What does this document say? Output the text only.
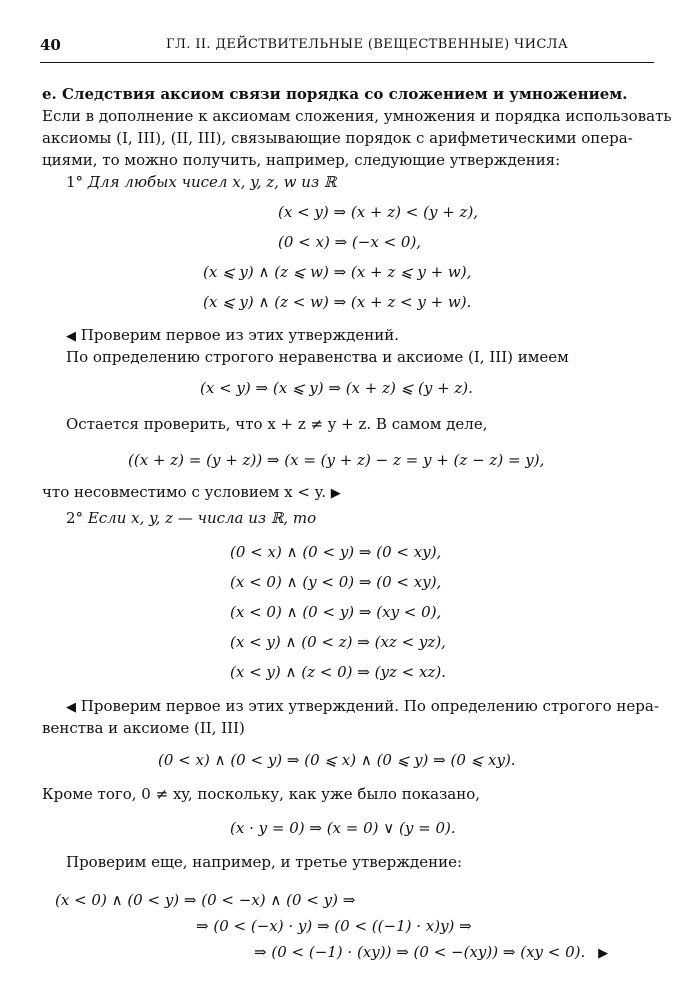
40	ГЛ. II. ДЕЙСТВИТЕЛЬНЫЕ (ВЕЩЕСТВЕННЫЕ) ЧИСЛА
е. Следствия аксиом связи порядка со сложением и умножением.
Если в дополнение к аксиомам сложения, умножения и порядка использовать
аксиомы (I, III), (II, III), связывающие порядок с арифметическими опера-
циями, то можно получить, например, следующие утверждения:
1° Для любых чисел x, y, z, w из ℝ
(x < y) ⇒ (x + z) < (y + z),
(0 < x) ⇒ (−x < 0),
(x ⩽ y) ∧ (z ⩽ w) ⇒ (x + z ⩽ y + w),
(x ⩽ y) ∧ (z < w) ⇒ (x + z < y + w).
◀ Проверим первое из этих утверждений.
По определению строгого неравенства и аксиоме (I, III) имеем
(x < y) ⇒ (x ⩽ y) ⇒ (x + z) ⩽ (y + z).
Остается проверить, что x + z ≠ y + z. В самом деле,
((x + z) = (y + z)) ⇒ (x = (y + z) − z = y + (z − z) = y),
что несовместимо с условием x < y. ▶
2° Если x, y, z — числа из ℝ, то
(0 < x) ∧ (0 < y) ⇒ (0 < xy),
(x < 0) ∧ (y < 0) ⇒ (0 < xy),
(x < 0) ∧ (0 < y) ⇒ (xy < 0),
(x < y) ∧ (0 < z) ⇒ (xz < yz),
(x < y) ∧ (z < 0) ⇒ (yz < xz).
◀ Проверим первое из этих утверждений. По определению строгого нера-
венства и аксиоме (II, III)
(0 < x) ∧ (0 < y) ⇒ (0 ⩽ x) ∧ (0 ⩽ y) ⇒ (0 ⩽ xy).
Кроме того, 0 ≠ xy, поскольку, как уже было показано,
(x · y = 0) ⇒ (x = 0) ∨ (y = 0).
Проверим еще, например, и третье утверждение:
(x < 0) ∧ (0 < y) ⇒ (0 < −x) ∧ (0 < y) ⇒
⇒ (0 < (−x) · y) ⇒ (0 < ((−1) · x)y) ⇒
⇒ (0 < (−1) · (xy)) ⇒ (0 < −(xy)) ⇒ (xy < 0). ▶
